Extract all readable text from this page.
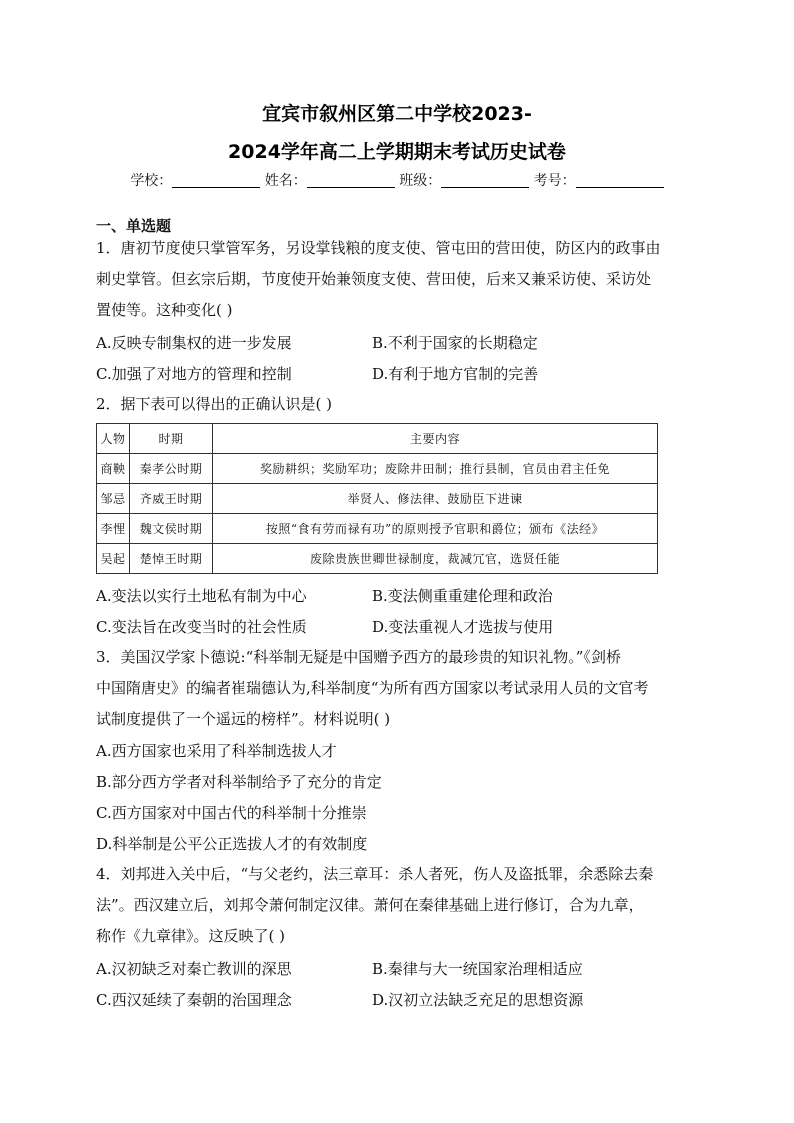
宜宾市叙州区第二中学校2023-
2024学年高二上学期期末考试历史试卷
学校：	姓名：	班级：	考号：
一、单选题
1．唐初节度使只掌管军务，另设掌钱粮的度支使、管屯田的营田使，防区内的政事由
刺史掌管。但玄宗后期，节度使开始兼领度支使、营田使，后来又兼采访使、采访处
置使等。这种变化( )
A.反映专制集权的进一步发展	B.不利于国家的长期稳定
C.加强了对地方的管理和控制	D.有利于地方官制的完善
2．据下表可以得出的正确认识是( )
人物	时期	主要内容
商鞅	秦孝公时期	奖励耕织；奖励军功；废除井田制；推行县制，官员由君主任免
邹忌	齐威王时期	举贤人、修法律、鼓励臣下进谏
李悝	魏文侯时期	按照“食有劳而禄有功”的原则授予官职和爵位；颁布《法经》
吴起	楚悼王时期	废除贵族世卿世禄制度，裁减冗官，选贤任能
A.变法以实行土地私有制为中心	B.变法侧重重建伦理和政治
C.变法旨在改变当时的社会性质	D.变法重视人才选拔与使用
3．美国汉学家卜德说:“科举制无疑是中国赠予西方的最珍贵的知识礼物。”《剑桥
中国隋唐史》的编者崔瑞德认为,科举制度“为所有西方国家以考试录用人员的文官考
试制度提供了一个遥远的榜样”。材料说明( )
A.西方国家也采用了科举制选拔人才
B.部分西方学者对科举制给予了充分的肯定
C.西方国家对中国古代的科举制十分推崇
D.科举制是公平公正选拔人才的有效制度
4．刘邦进入关中后，“与父老约，法三章耳：杀人者死，伤人及盗抵罪，余悉除去秦
法”。西汉建立后，刘邦令萧何制定汉律。萧何在秦律基础上进行修订，合为九章，
称作《九章律》。这反映了( )
A.汉初缺乏对秦亡教训的深思	B.秦律与大一统国家治理相适应
C.西汉延续了秦朝的治国理念	D.汉初立法缺乏充足的思想资源
